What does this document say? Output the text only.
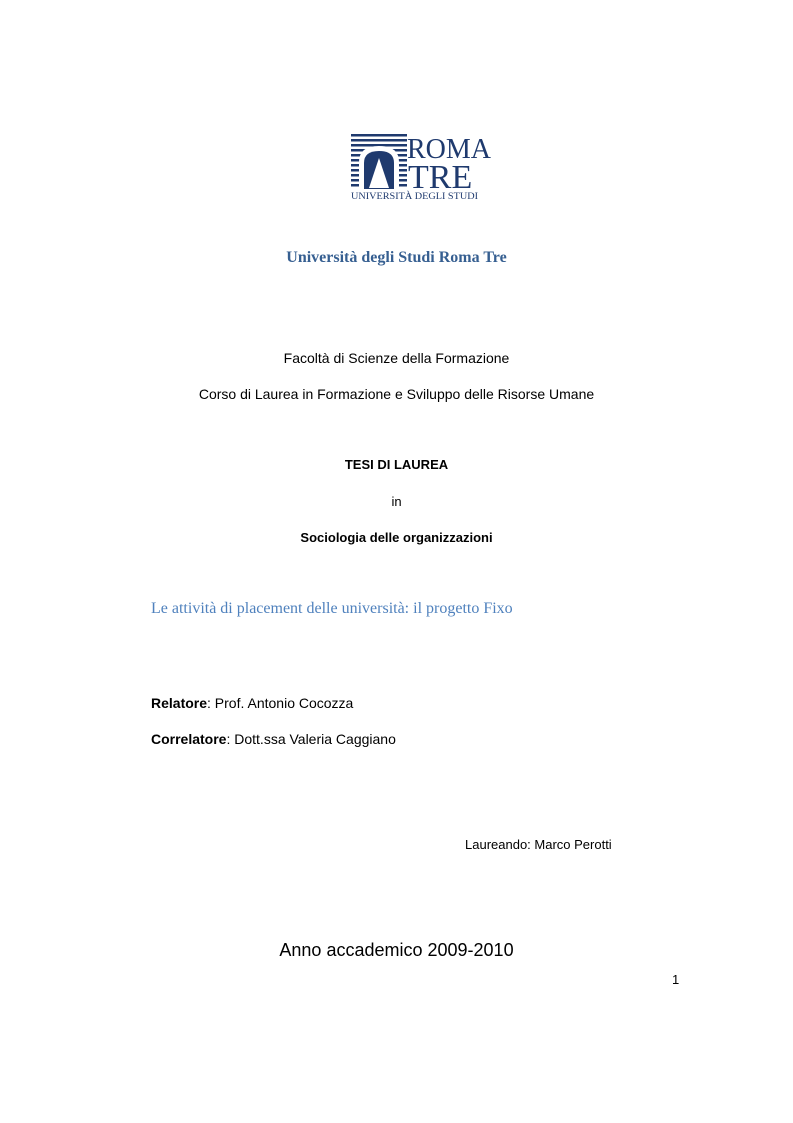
ROMA
TRE
UNIVERSITÀ DEGLI STUDI
Università degli Studi Roma Tre
Facoltà di Scienze della Formazione
Corso di Laurea in Formazione e Sviluppo delle Risorse Umane
TESI DI LAUREA
in
Sociologia delle organizzazioni
Le attività di placement delle università: il progetto Fixo
Relatore: Prof. Antonio Cocozza
Correlatore: Dott.ssa Valeria Caggiano
Laureando: Marco Perotti
Anno accademico 2009-2010
1
